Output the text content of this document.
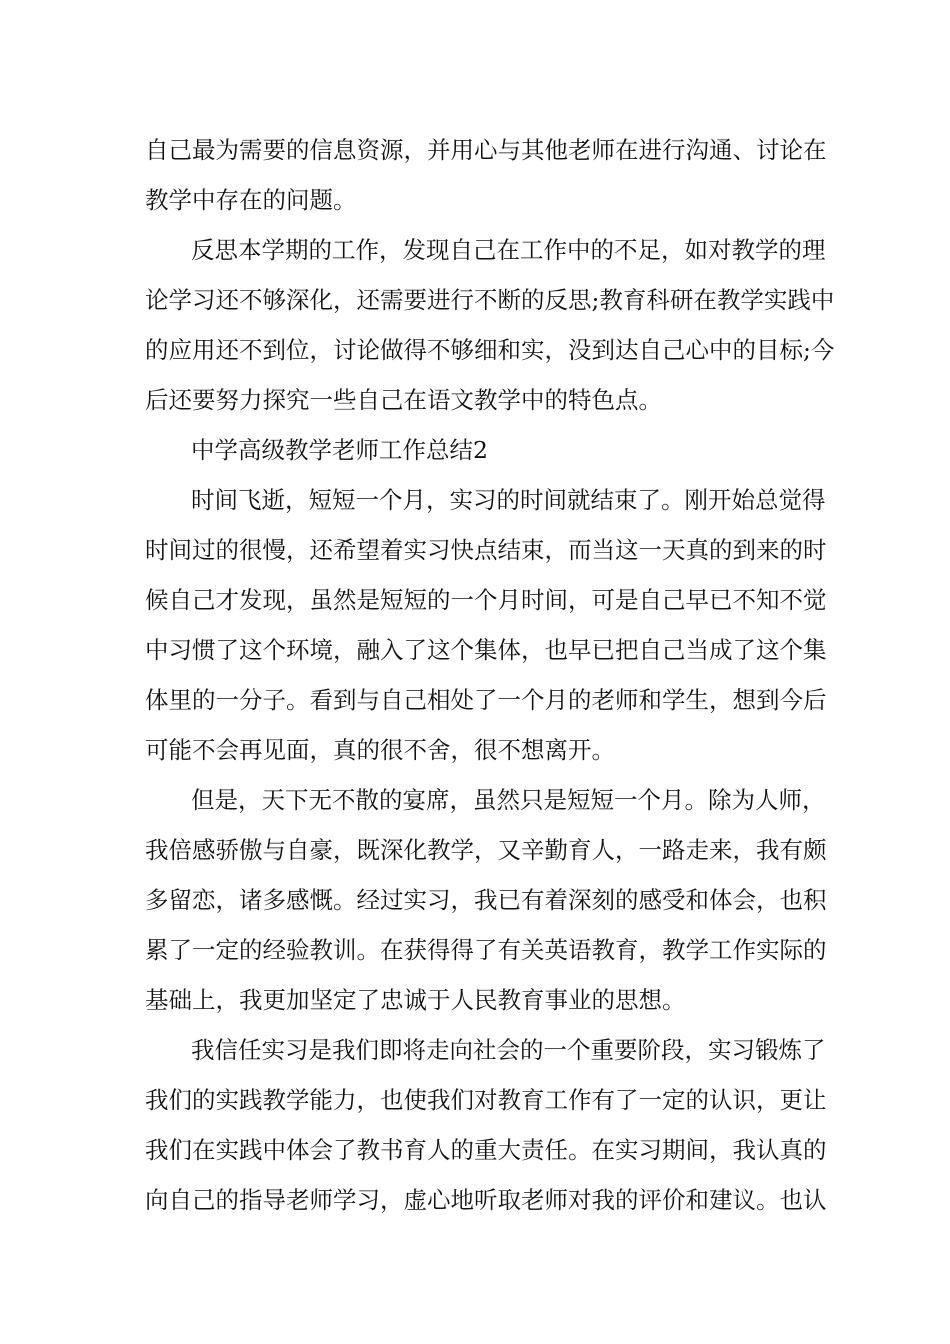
自己最为需要的信息资源，并用心与其他老师在进行沟通、讨论在

教学中存在的问题。

反思本学期的工作，发现自己在工作中的不足，如对教学的理

论学习还不够深化，还需要进行不断的反思;教育科研在教学实践中

的应用还不到位，讨论做得不够细和实，没到达自己心中的目标;今

后还要努力探究一些自己在语文教学中的特色点。

中学高级教学老师工作总结2

时间飞逝，短短一个月，实习的时间就结束了。刚开始总觉得

时间过的很慢，还希望着实习快点结束，而当这一天真的到来的时

候自己才发现，虽然是短短的一个月时间，可是自己早已不知不觉

中习惯了这个环境，融入了这个集体，也早已把自己当成了这个集

体里的一分子。看到与自己相处了一个月的老师和学生，想到今后

可能不会再见面，真的很不舍，很不想离开。

但是，天下无不散的宴席，虽然只是短短一个月。除为人师，

我倍感骄傲与自豪，既深化教学，又辛勤育人，一路走来，我有颇

多留恋，诸多感慨。经过实习，我已有着深刻的感受和体会，也积

累了一定的经验教训。在获得得了有关英语教育，教学工作实际的

基础上，我更加坚定了忠诚于人民教育事业的思想。

我信任实习是我们即将走向社会的一个重要阶段，实习锻炼了

我们的实践教学能力，也使我们对教育工作有了一定的认识，更让

我们在实践中体会了教书育人的重大责任。在实习期间，我认真的

向自己的指导老师学习，虚心地听取老师对我的评价和建议。也认
